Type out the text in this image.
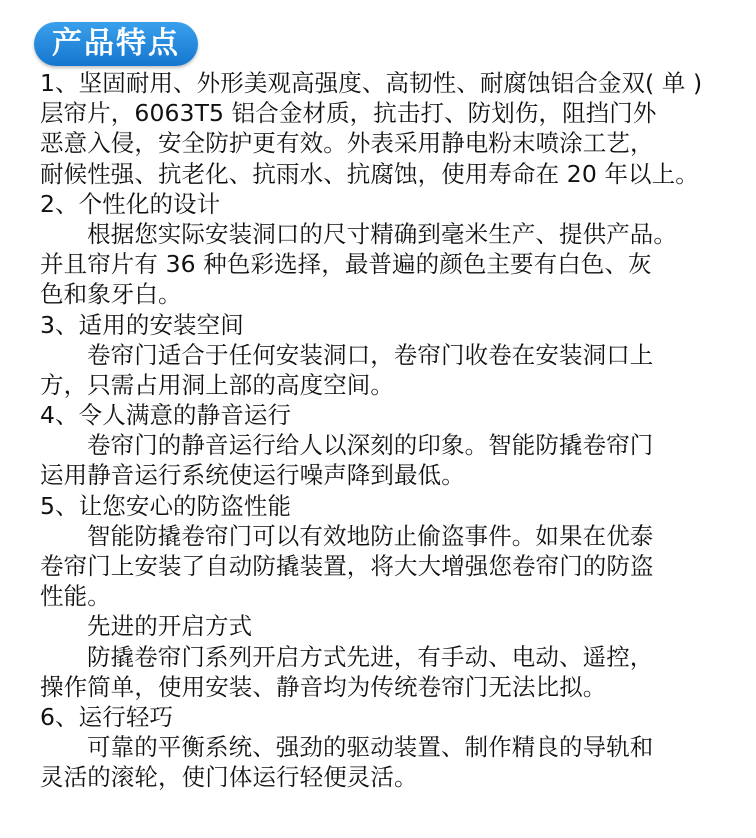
产品特点
1、坚固耐用、外形美观高强度、高韧性、耐腐蚀铝合金双( 单 )
层帘片，6063T5 铝合金材质，抗击打、防划伤，阻挡门外
恶意入侵，安全防护更有效。外表采用静电粉末喷涂工艺，
耐候性强、抗老化、抗雨水、抗腐蚀，使用寿命在 20 年以上。
2、个性化的设计
根据您实际安装洞口的尺寸精确到毫米生产、提供产品。
并且帘片有 36 种色彩选择，最普遍的颜色主要有白色、灰
色和象牙白。
3、适用的安装空间
卷帘门适合于任何安装洞口，卷帘门收卷在安装洞口上
方，只需占用洞上部的高度空间。
4、令人满意的静音运行
卷帘门的静音运行给人以深刻的印象。智能防撬卷帘门
运用静音运行系统使运行噪声降到最低。
5、让您安心的防盗性能
智能防撬卷帘门可以有效地防止偷盗事件。如果在优泰
卷帘门上安装了自动防撬装置，将大大增强您卷帘门的防盗
性能。
先进的开启方式
防撬卷帘门系列开启方式先进，有手动、电动、遥控，
操作简单，使用安装、静音均为传统卷帘门无法比拟。
6、运行轻巧
可靠的平衡系统、强劲的驱动装置、制作精良的导轨和
灵活的滚轮，使门体运行轻便灵活。
